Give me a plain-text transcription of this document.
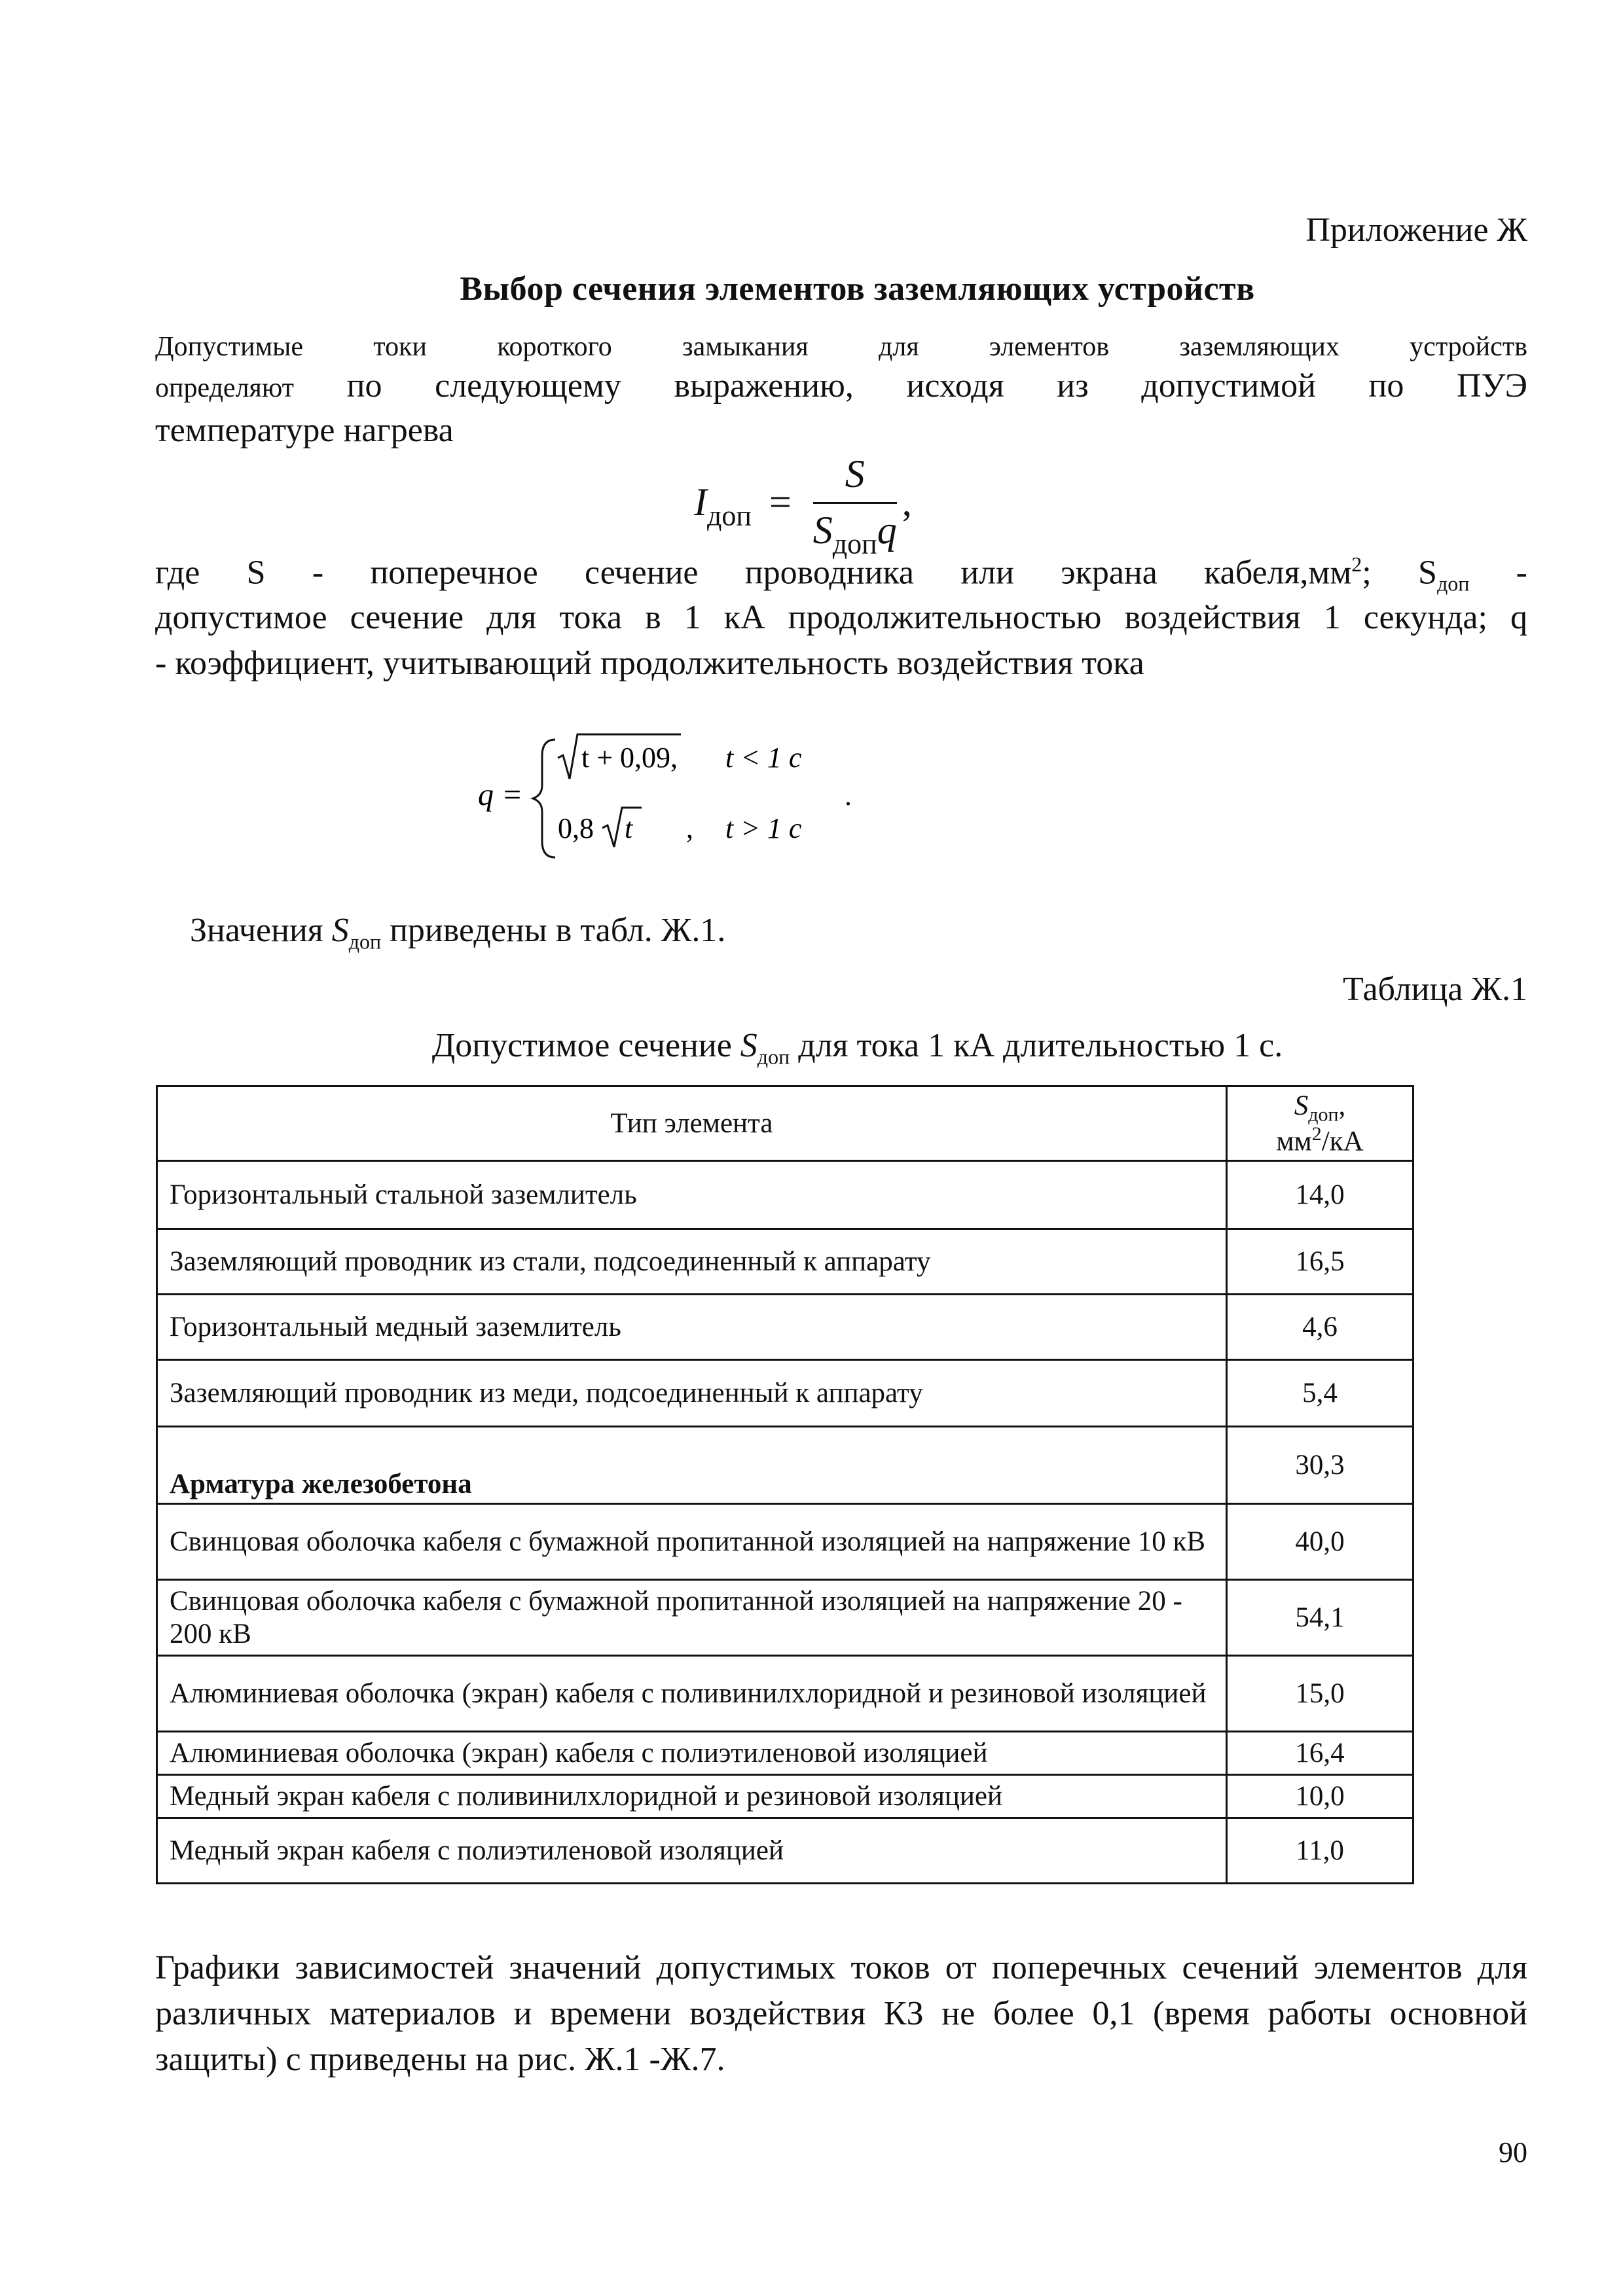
Приложение Ж
Выбор сечения элементов заземляющих устройств
Допустимые токи короткого замыкания для элементов заземляющих устройств
определяют по следующему выражению, исходя из допустимой по ПУЭ
температуре нагрева
$I_{доп} = \frac{S}{S_{доп}q}$ ,
где S - поперечное сечение проводника или экрана $кабеля,мм^2$; $S_{доп}$ -
допустимое сечение для тока в 1 кА продолжительностью воздействия 1 секунда; q
- коэффициент, учитывающий продолжительность воздействия тока
q =
t + 0,09, t < 1 c
0,8 t , t > 1 c
.
Значения $S_{доп}$ приведены в табл. Ж.1.
Таблица Ж.1
Допустимое сечение $S_{доп}$ для тока 1 кА длительностью 1 с.
Тип элемента	$S_{доп}$,
$мм^2/кА$
Горизонтальный стальной заземлитель	14,0
Заземляющий проводник из стали, подсоединенный к аппарату	16,5
Горизонтальный медный заземлитель	4,6
Заземляющий проводник из меди, подсоединенный к аппарату	5,4
Арматура железобетона	30,3
Свинцовая оболочка кабеля с бумажной пропитанной изоляцией на напряжение 10 кВ	40,0
Свинцовая оболочка кабеля с бумажной пропитанной изоляцией на напряжение 20 - 200 кВ	54,1
Алюминиевая оболочка (экран) кабеля с поливинилхлоридной и резиновой изоляцией	15,0
Алюминиевая оболочка (экран) кабеля с полиэтиленовой изоляцией	16,4
Медный экран кабеля с поливинилхлоридной и резиновой изоляцией	10,0
Медный экран кабеля с полиэтиленовой изоляцией	11,0
Графики зависимостей значений допустимых токов от поперечных сечений элементов для различных материалов и времени воздействия КЗ не более 0,1 (время работы основной защиты) с приведены на рис. Ж.1 -Ж.7.
90
